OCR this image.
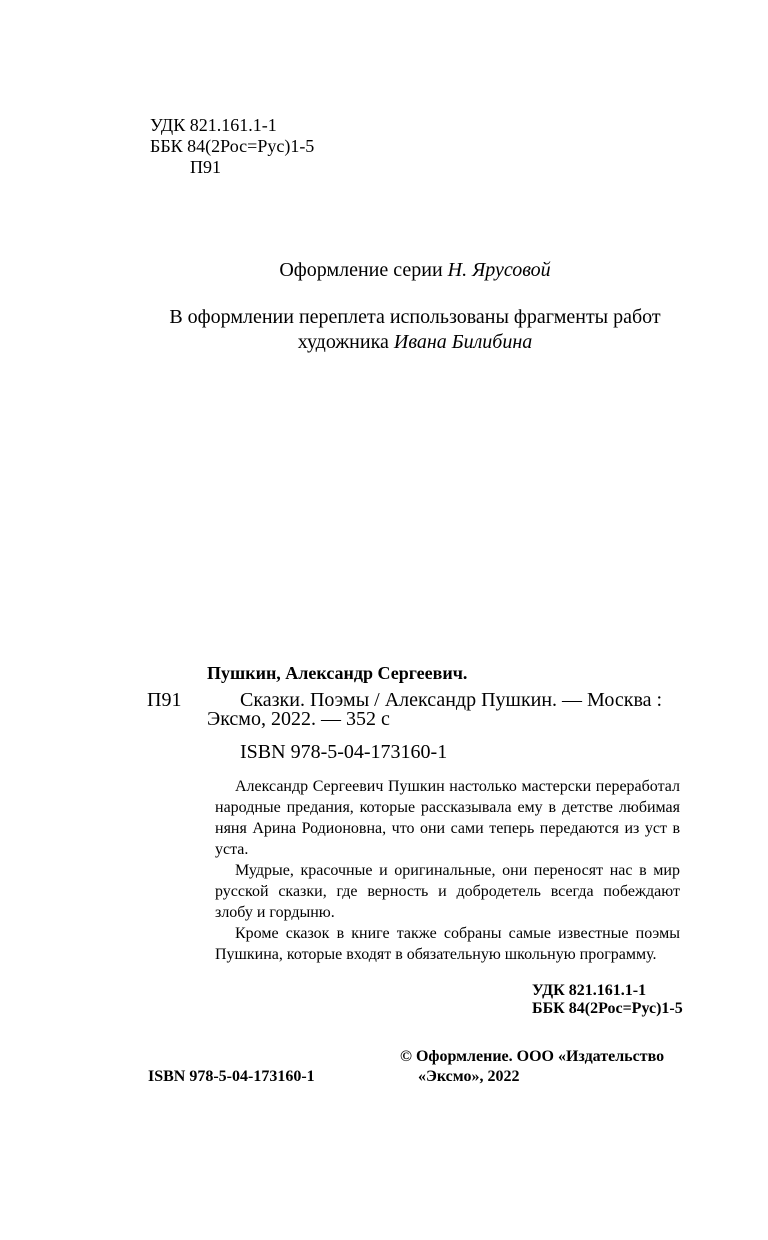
УДК 821.161.1-1
ББК 84(2Рос=Рус)1-5
П91
Оформление серии Н. Ярусовой
В оформлении переплета использованы фрагменты работ
художника Ивана Билибина
Пушкин, Александр Сергеевич.
П91	Сказки. Поэмы / Александр Пушкин. — Москва :
Эксмо, 2022. — 352 с
ISBN 978-5-04-173160-1

Александр Сергеевич Пушкин настолько мастерски переработал народные предания, которые рассказывала ему в детстве любимая няня Арина Родионовна, что они сами теперь передаются из уст в уста.

Мудрые, красочные и оригинальные, они переносят нас в мир русской сказки, где верность и добродетель всегда побеждают злобу и гордыню.

Кроме сказок в книге также собраны самые известные поэмы Пушкина, которые входят в обязательную школьную программу.

УДК 821.161.1-1
ББК 84(2Рос=Рус)1-5
© Оформление. ООО «Издательство
ISBN 978-5-04-173160-1	«Эксмо», 2022
